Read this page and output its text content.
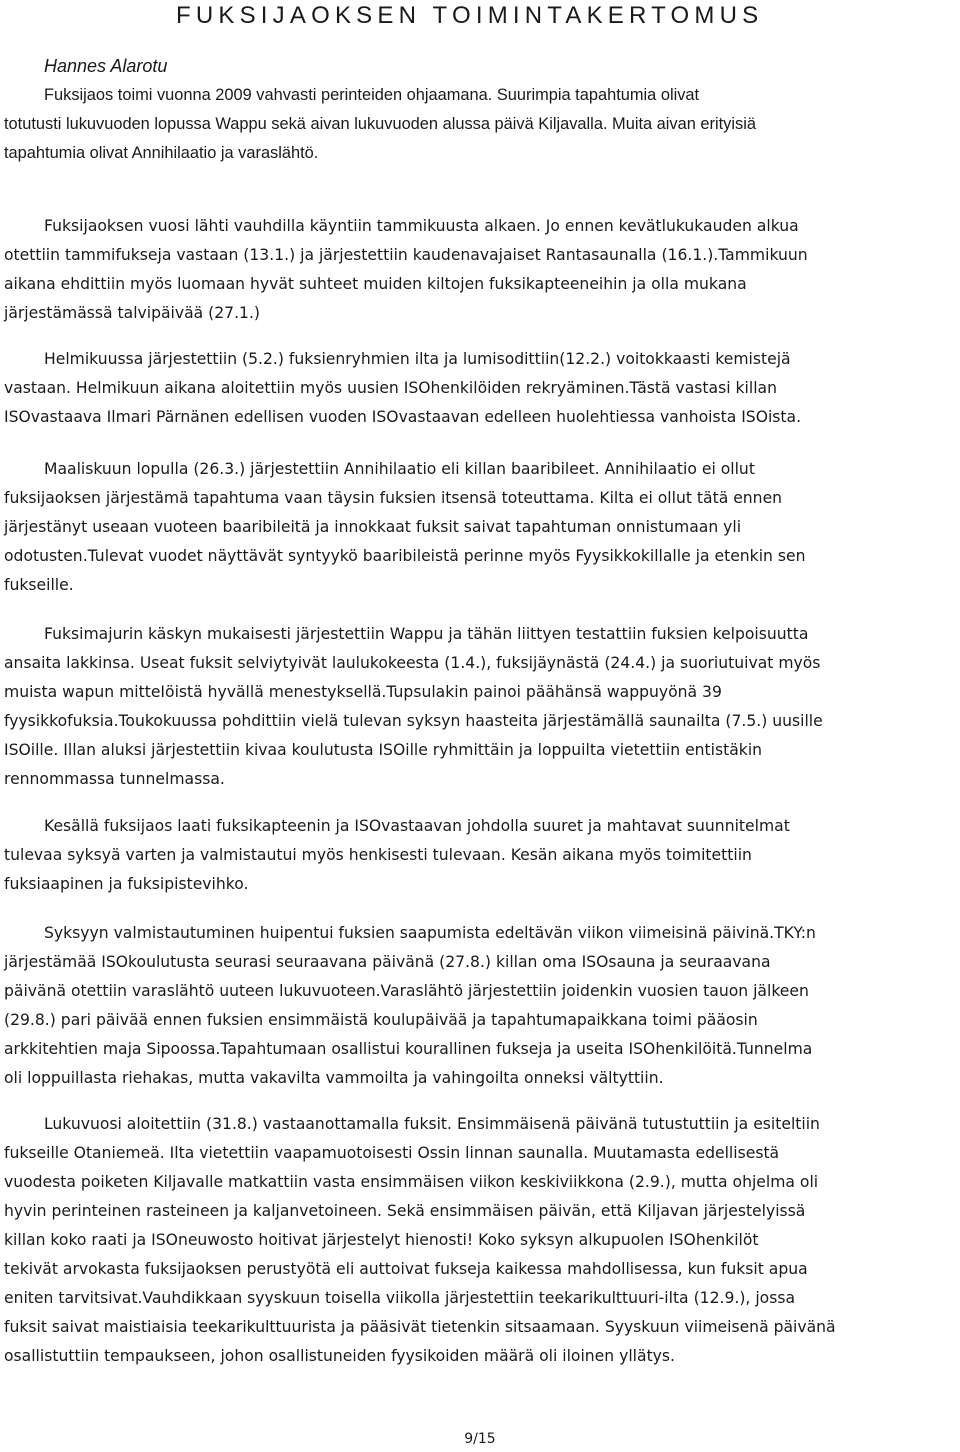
FUKSIJAOKSEN TOIMINTAKERTOMUS

Hannes Alarotu

Fuksijaos toimi vuonna 2009 vahvasti perinteiden ohjaamana. Suurimpia tapahtumia olivat
totutusti lukuvuoden lopussa Wappu sekä aivan lukuvuoden alussa päivä Kiljavalla. Muita aivan erityisiä
tapahtumia olivat Annihilaatio ja varaslähtö.
Fuksijaoksen vuosi lähti vauhdilla käyntiin tammikuusta alkaen. Jo ennen kevätlukukauden alkua
otettiin tammifukseja vastaan (13.1.) ja järjestettiin kaudenavajaiset Rantasaunalla (16.1.).Tammikuun
aikana ehdittiin myös luomaan hyvät suhteet muiden kiltojen fuksikapteeneihin ja olla mukana
järjestämässä talvipäivää (27.1.)
Helmikuussa järjestettiin (5.2.) fuksienryhmien ilta ja lumisodittiin(12.2.) voitokkaasti kemistejä
vastaan. Helmikuun aikana aloitettiin myös uusien ISOhenkilöiden rekryäminen.Tästä vastasi killan
ISOvastaava Ilmari Pärnänen edellisen vuoden ISOvastaavan edelleen huolehtiessa vanhoista ISOista.
Maaliskuun lopulla (26.3.) järjestettiin Annihilaatio eli killan baaribileet. Annihilaatio ei ollut
fuksijaoksen järjestämä tapahtuma vaan täysin fuksien itsensä toteuttama. Kilta ei ollut tätä ennen
järjestänyt useaan vuoteen baaribileitä ja innokkaat fuksit saivat tapahtuman onnistumaan yli
odotusten.Tulevat vuodet näyttävät syntyykö baaribileistä perinne myös Fyysikkokillalle ja etenkin sen
fukseille.
Fuksimajurin käskyn mukaisesti järjestettiin Wappu ja tähän liittyen testattiin fuksien kelpoisuutta
ansaita lakkinsa. Useat fuksit selviytyivät laulukokeesta (1.4.), fuksijäynästä (24.4.) ja suoriutuivat myös
muista wapun mitteIöistä hyvällä menestyksellä.Tupsulakin painoi päähänsä wappuyönä 39
fyysikkofuksia.Toukokuussa pohdittiin vielä tulevan syksyn haasteita järjestämällä saunailta (7.5.) uusille
ISOille. Illan aluksi järjestettiin kivaa koulutusta ISOille ryhmittäin ja loppuilta vietettiin entistäkin
rennommassa tunnelmassa.
Kesällä fuksijaos laati fuksikapteenin ja ISOvastaavan johdolla suuret ja mahtavat suunnitelmat
tulevaa syksyä varten ja valmistautui myös henkisesti tulevaan. Kesän aikana myös toimitettiin
fuksiaapinen ja fuksipistevihko.
Syksyyn valmistautuminen huipentui fuksien saapumista edeltävän viikon viimeisinä päivinä.TKY:n
järjestämää ISOkoulutusta seurasi seuraavana päivänä (27.8.) killan oma ISOsauna ja seuraavana
päivänä otettiin varaslähtö uuteen lukuvuoteen.Varaslähtö järjestettiin joidenkin vuosien tauon jälkeen
(29.8.) pari päivää ennen fuksien ensimmäistä koulupäivää ja tapahtumapaikkana toimi pääosin
arkkitehtien maja Sipoossa.Tapahtumaan osallistui kourallinen fukseja ja useita ISOhenkilöitä.Tunnelma
oli loppuillasta riehakas, mutta vakavilta vammoilta ja vahingoilta onneksi vältyttiin.
Lukuvuosi aloitettiin (31.8.) vastaanottamalla fuksit. Ensimmäisenä päivänä tutustuttiin ja esiteltiin
fukseille Otaniemeä. Ilta vietettiin vaapamuotoisesti Ossin linnan saunalla. Muutamasta edellisestä
vuodesta poiketen Kiljavalle matkattiin vasta ensimmäisen viikon keskiviikkona (2.9.), mutta ohjelma oli
hyvin perinteinen rasteineen ja kaljanvetoineen. Sekä ensimmäisen päivän, että Kiljavan järjestelyissä
killan koko raati ja ISOneuwosto hoitivat järjestelyt hienosti! Koko syksyn alkupuolen ISOhenkilöt
tekivät arvokasta fuksijaoksen perustyötä eli auttoivat fukseja kaikessa mahdollisessa, kun fuksit apua
eniten tarvitsivat.Vauhdikkaan syyskuun toisella viikolla järjestettiin teekarikulttuuri-ilta (12.9.), jossa
fuksit saivat maistiaisia teekarikulttuurista ja pääsivät tietenkin sitsaamaan. Syyskuun viimeisenä päivänä
osallistuttiin tempaukseen, johon osallistuneiden fyysikoiden määrä oli iloinen yllätys.

9/15
